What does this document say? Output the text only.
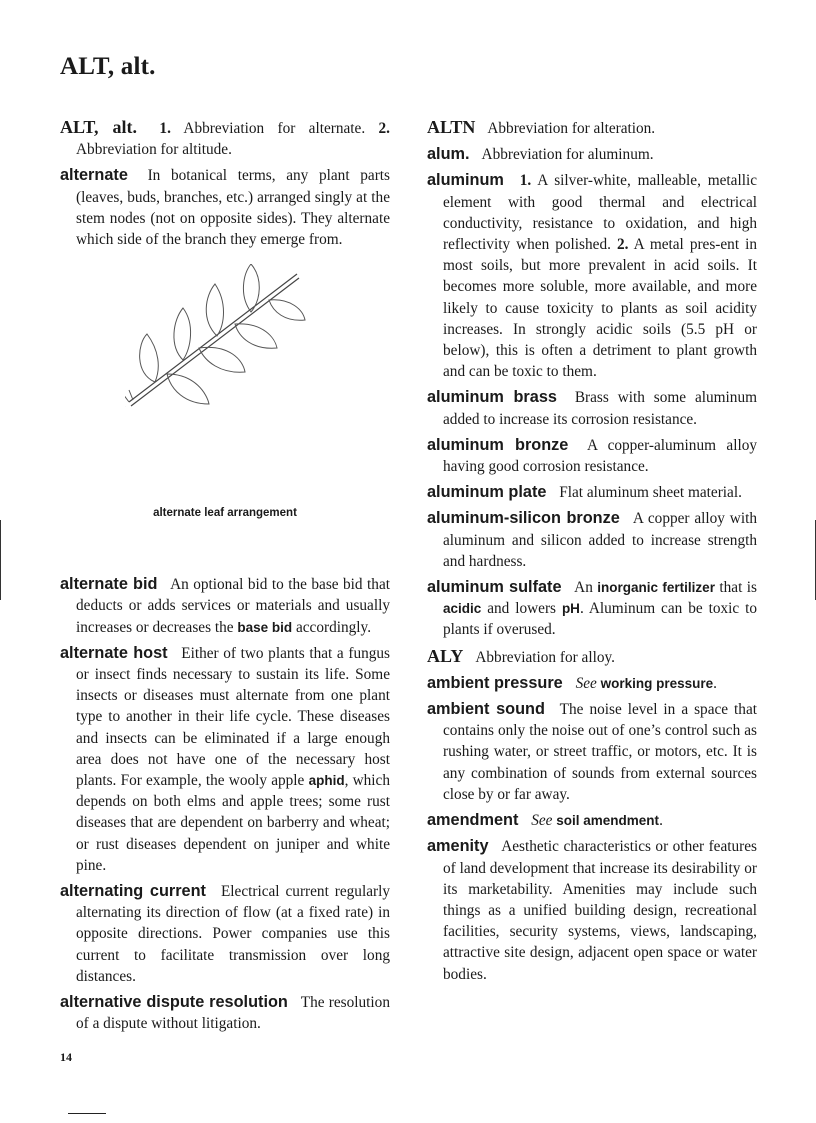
ALT, alt.
ALT, alt. 1. Abbreviation for alternate. 2. Abbreviation for altitude.
alternate In botanical terms, any plant parts (leaves, buds, branches, etc.) arranged singly at the stem nodes (not on opposite sides). They alternate which side of the branch they emerge from.
alternate leaf arrangement
alternate bid An optional bid to the base bid that deducts or adds services or materials and usually increases or decreases the base bid accordingly.
alternate host Either of two plants that a fungus or insect finds necessary to sustain its life. Some insects or diseases must alternate from one plant type to another in their life cycle. These diseases and insects can be eliminated if a large enough area does not have one of the necessary host plants. For example, the wooly apple aphid, which depends on both elms and apple trees; some rust diseases that are dependent on barberry and wheat; or rust diseases dependent on juniper and white pine.
alternating current Electrical current regularly alternating its direction of flow (at a fixed rate) in opposite directions. Power companies use this current to facilitate transmission over long distances.
alternative dispute resolution The resolution of a dispute without litigation.
ALTN Abbreviation for alteration.
alum. Abbreviation for aluminum.
aluminum 1. A silver-white, malleable, metallic element with good thermal and electrical conductivity, resistance to oxidation, and high reflectivity when polished. 2. A metal pres-ent in most soils, but more prevalent in acid soils. It becomes more soluble, more available, and more likely to cause toxicity to plants as soil acidity increases. In strongly acidic soils (5.5 pH or below), this is often a detriment to plant growth and can be toxic to them.
aluminum brass Brass with some aluminum added to increase its corrosion resistance.
aluminum bronze A copper-aluminum alloy having good corrosion resistance.
aluminum plate Flat aluminum sheet material.
aluminum-silicon bronze A copper alloy with aluminum and silicon added to increase strength and hardness.
aluminum sulfate An inorganic fertilizer that is acidic and lowers pH. Aluminum can be toxic to plants if overused.
ALY Abbreviation for alloy.
ambient pressure See working pressure.
ambient sound The noise level in a space that contains only the noise out of one’s control such as rushing water, or street traffic, or motors, etc. It is any combination of sounds from external sources close by or far away.
amendment See soil amendment.
amenity Aesthetic characteristics or other features of land development that increase its desirability or its marketability. Amenities may include such things as a unified building design, recreational facilities, security systems, views, landscaping, attractive site design, adjacent open space or water bodies.
14
